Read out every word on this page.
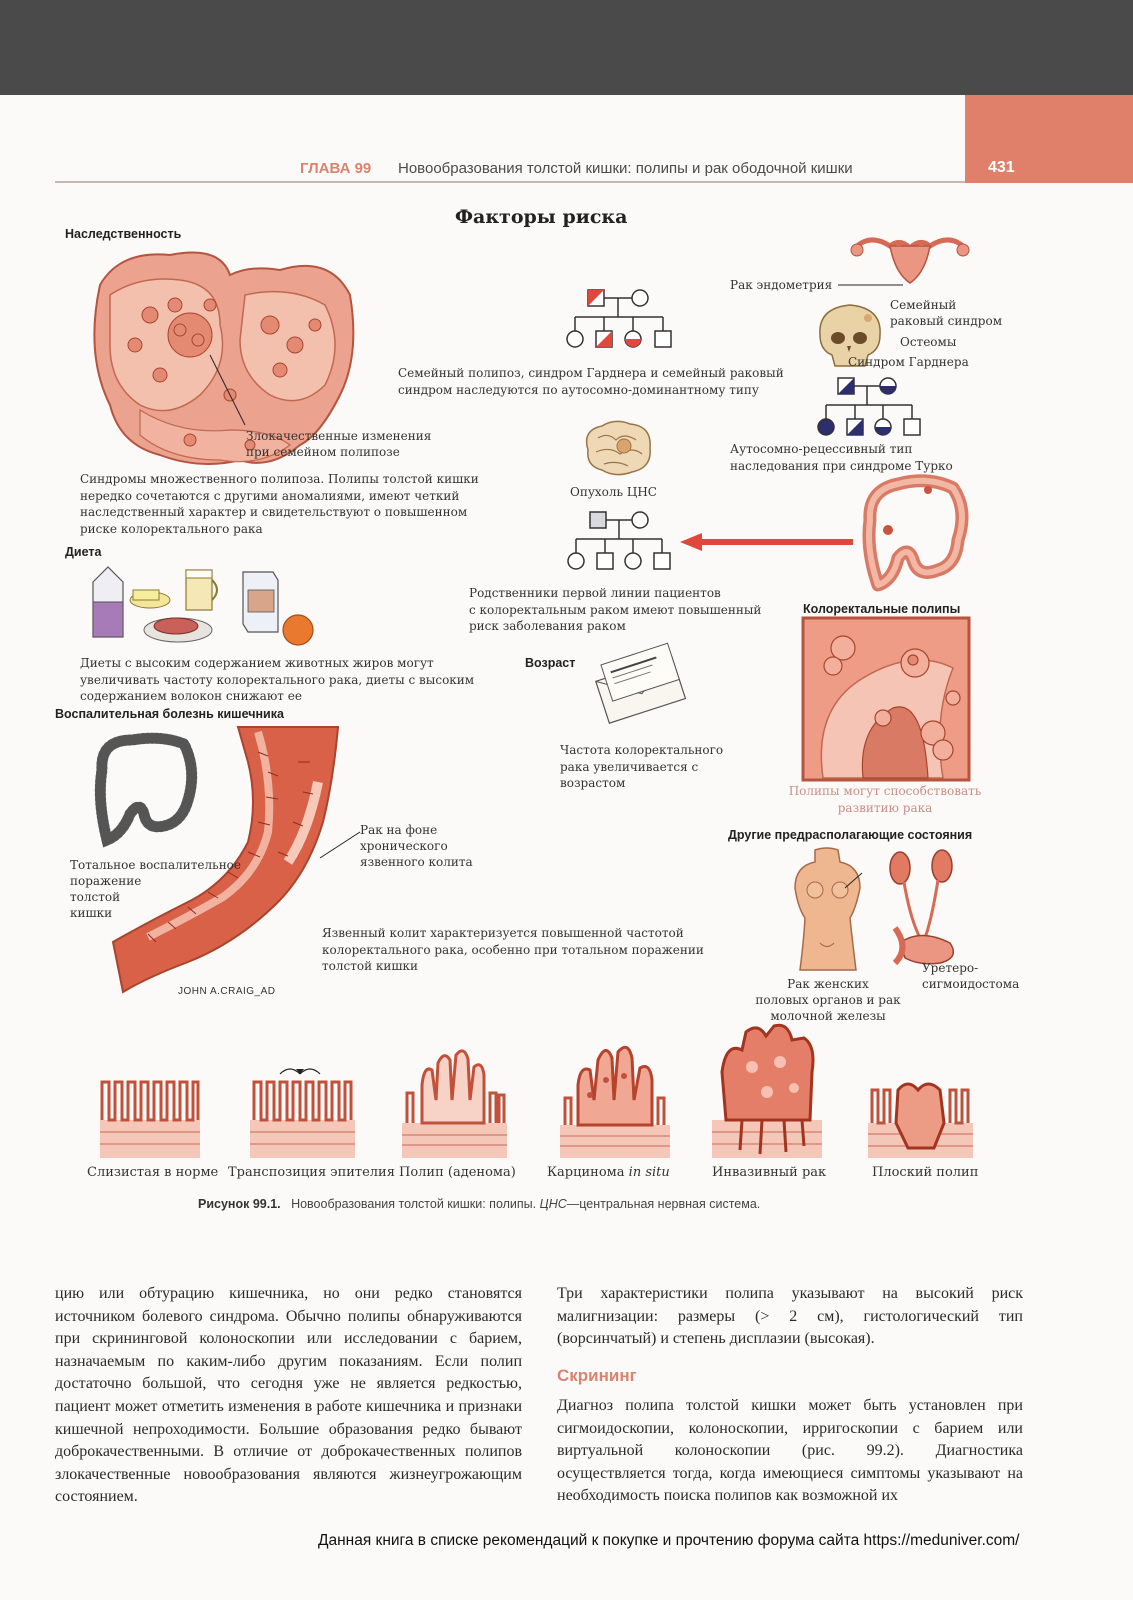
ГЛАВА 99 Новообразования толстой кишки: полипы и рак ободочной кишки	431
Факторы риска
Наследственность
Злокачественные изменения
при семейном полипозе
Синдромы множественного полипоза. Полипы толстой кишки
нередко сочетаются с другими аномалиями, имеют четкий
наследственный характер и свидетельствуют о повышенном
риске колоректального рака
Семейный полипоз, синдром Гарднера и семейный раковый
синдром наследуются по аутосомно-доминантному типу
Рак эндометрия
Семейный
раковый синдром
Остеомы
Синдром Гарднера
Аутосомно-рецессивный тип
наследования при синдроме Турко
Опухоль ЦНС
Родственники первой линии пациентов
с колоректальным раком имеют повышенный
риск заболевания раком
Колоректальные полипы
Полипы могут способствовать
развитию рака
Диета
Диеты с высоким содержанием животных жиров могут
увеличивать частоту колоректального рака, диеты с высоким
содержанием волокон снижают ее
Возраст
Частота колоректального
рака увеличивается с
возрастом
Воспалительная болезнь кишечника
Тотальное воспалительное
поражение
толстой
кишки
Рак на фоне
хронического
язвенного колита
Язвенный колит характеризуется повышенной частотой
колоректального рака, особенно при тотальном поражении
толстой кишки
JOHN A.CRAIG_AD
Другие предрасполагающие состояния
Рак женских
половых органов и рак
молочной железы
Уретеро-
сигмоидостома
Слизистая в норме Транспозиция эпителия Полип (аденома) Карцинома in situ	Инвазивный рак	Плоский полип
Рисунок 99.1. Новообразования толстой кишки: полипы. ЦНС—центральная нервная система.

цию или обтурацию кишечника, но они редко становятся источником болевого синдрома. Обычно полипы обнаруживаются при скрининговой колоноскопии или исследовании с барием, назначаемым по каким-либо другим показаниям. Если полип достаточно большой, что сегодня уже не является редкостью, пациент может отметить изменения в работе кишечника и признаки кишечной непроходимости. Большие образования редко бывают доброкачественными. В отличие от доброкачественных полипов злокачественные новообразования являются жизнеугрожающим состоянием.

Три характеристики полипа указывают на высокий риск малигнизации: размеры (> 2 см), гистологический тип (ворсинчатый) и степень дисплазии (высокая).

Скрининг

Диагноз полипа толстой кишки может быть установлен при сигмоидоскопии, колоноскопии, ирригоскопии с барием или виртуальной колоноскопии (рис. 99.2). Диагностика осуществляется тогда, когда имеющиеся симптомы указывают на необходимость поиска полипов как возможной их

Данная книга в списке рекомендаций к покупке и прочтению форума сайта https://meduniver.com/
